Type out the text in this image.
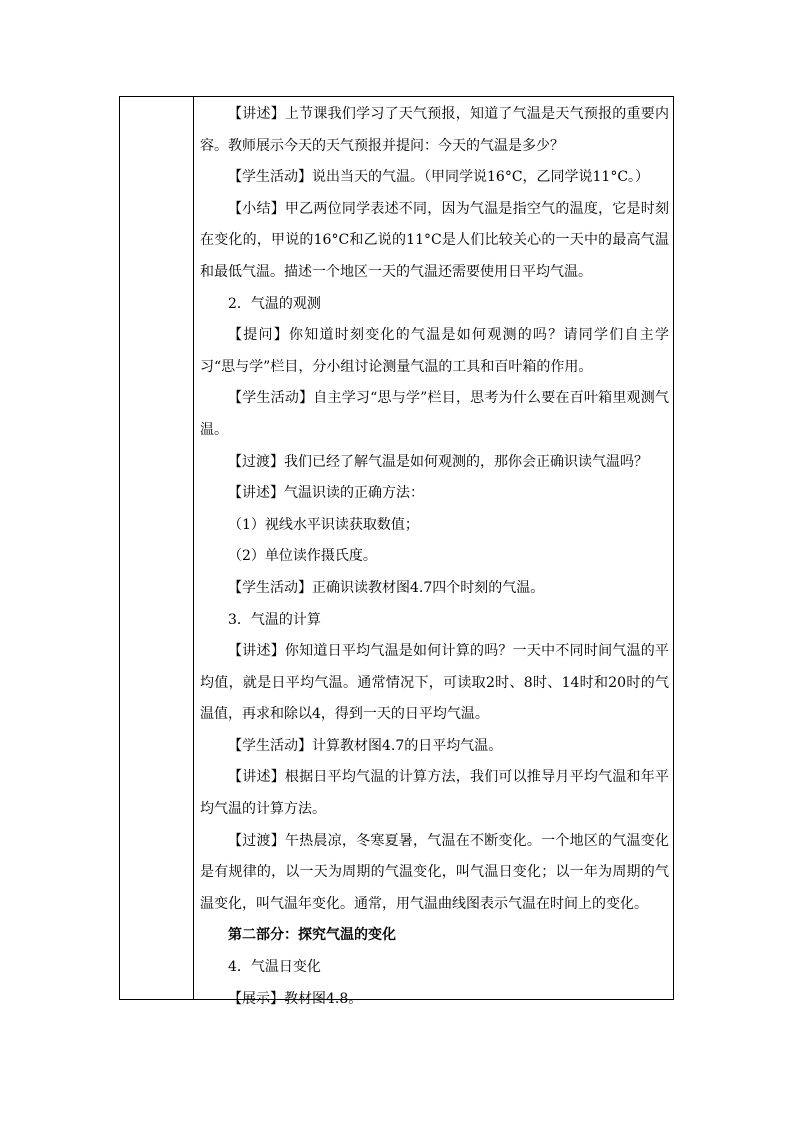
【讲述】上节课我们学习了天气预报，知道了气温是天气预报的重要内容。教师展示今天的天气预报并提问：今天的气温是多少？

【学生活动】说出当天的气温。（甲同学说16°C，乙同学说11°C。）

【小结】甲乙两位同学表述不同，因为气温是指空气的温度，它是时刻在变化的，甲说的16°C和乙说的11°C是人们比较关心的一天中的最高气温和最低气温。描述一个地区一天的气温还需要使用日平均气温。

2．气温的观测

【提问】你知道时刻变化的气温是如何观测的吗？请同学们自主学习“思与学”栏目，分小组讨论测量气温的工具和百叶箱的作用。

【学生活动】自主学习“思与学”栏目，思考为什么要在百叶箱里观测气温。

【过渡】我们已经了解气温是如何观测的，那你会正确识读气温吗？

【讲述】气温识读的正确方法：

（1）视线水平识读获取数值；

（2）单位读作摄氏度。

【学生活动】正确识读教材图4.7四个时刻的气温。

3．气温的计算

【讲述】你知道日平均气温是如何计算的吗？一天中不同时间气温的平均值，就是日平均气温。通常情况下，可读取2时、8时、14时和20时的气温值，再求和除以4，得到一天的日平均气温。

【学生活动】计算教材图4.7的日平均气温。

【讲述】根据日平均气温的计算方法，我们可以推导月平均气温和年平均气温的计算方法。

【过渡】午热晨凉，冬寒夏暑，气温在不断变化。一个地区的气温变化是有规律的，以一天为周期的气温变化，叫气温日变化；以一年为周期的气温变化，叫气温年变化。通常，用气温曲线图表示气温在时间上的变化。

第二部分：探究气温的变化

4．气温日变化

【展示】教材图4.8。
